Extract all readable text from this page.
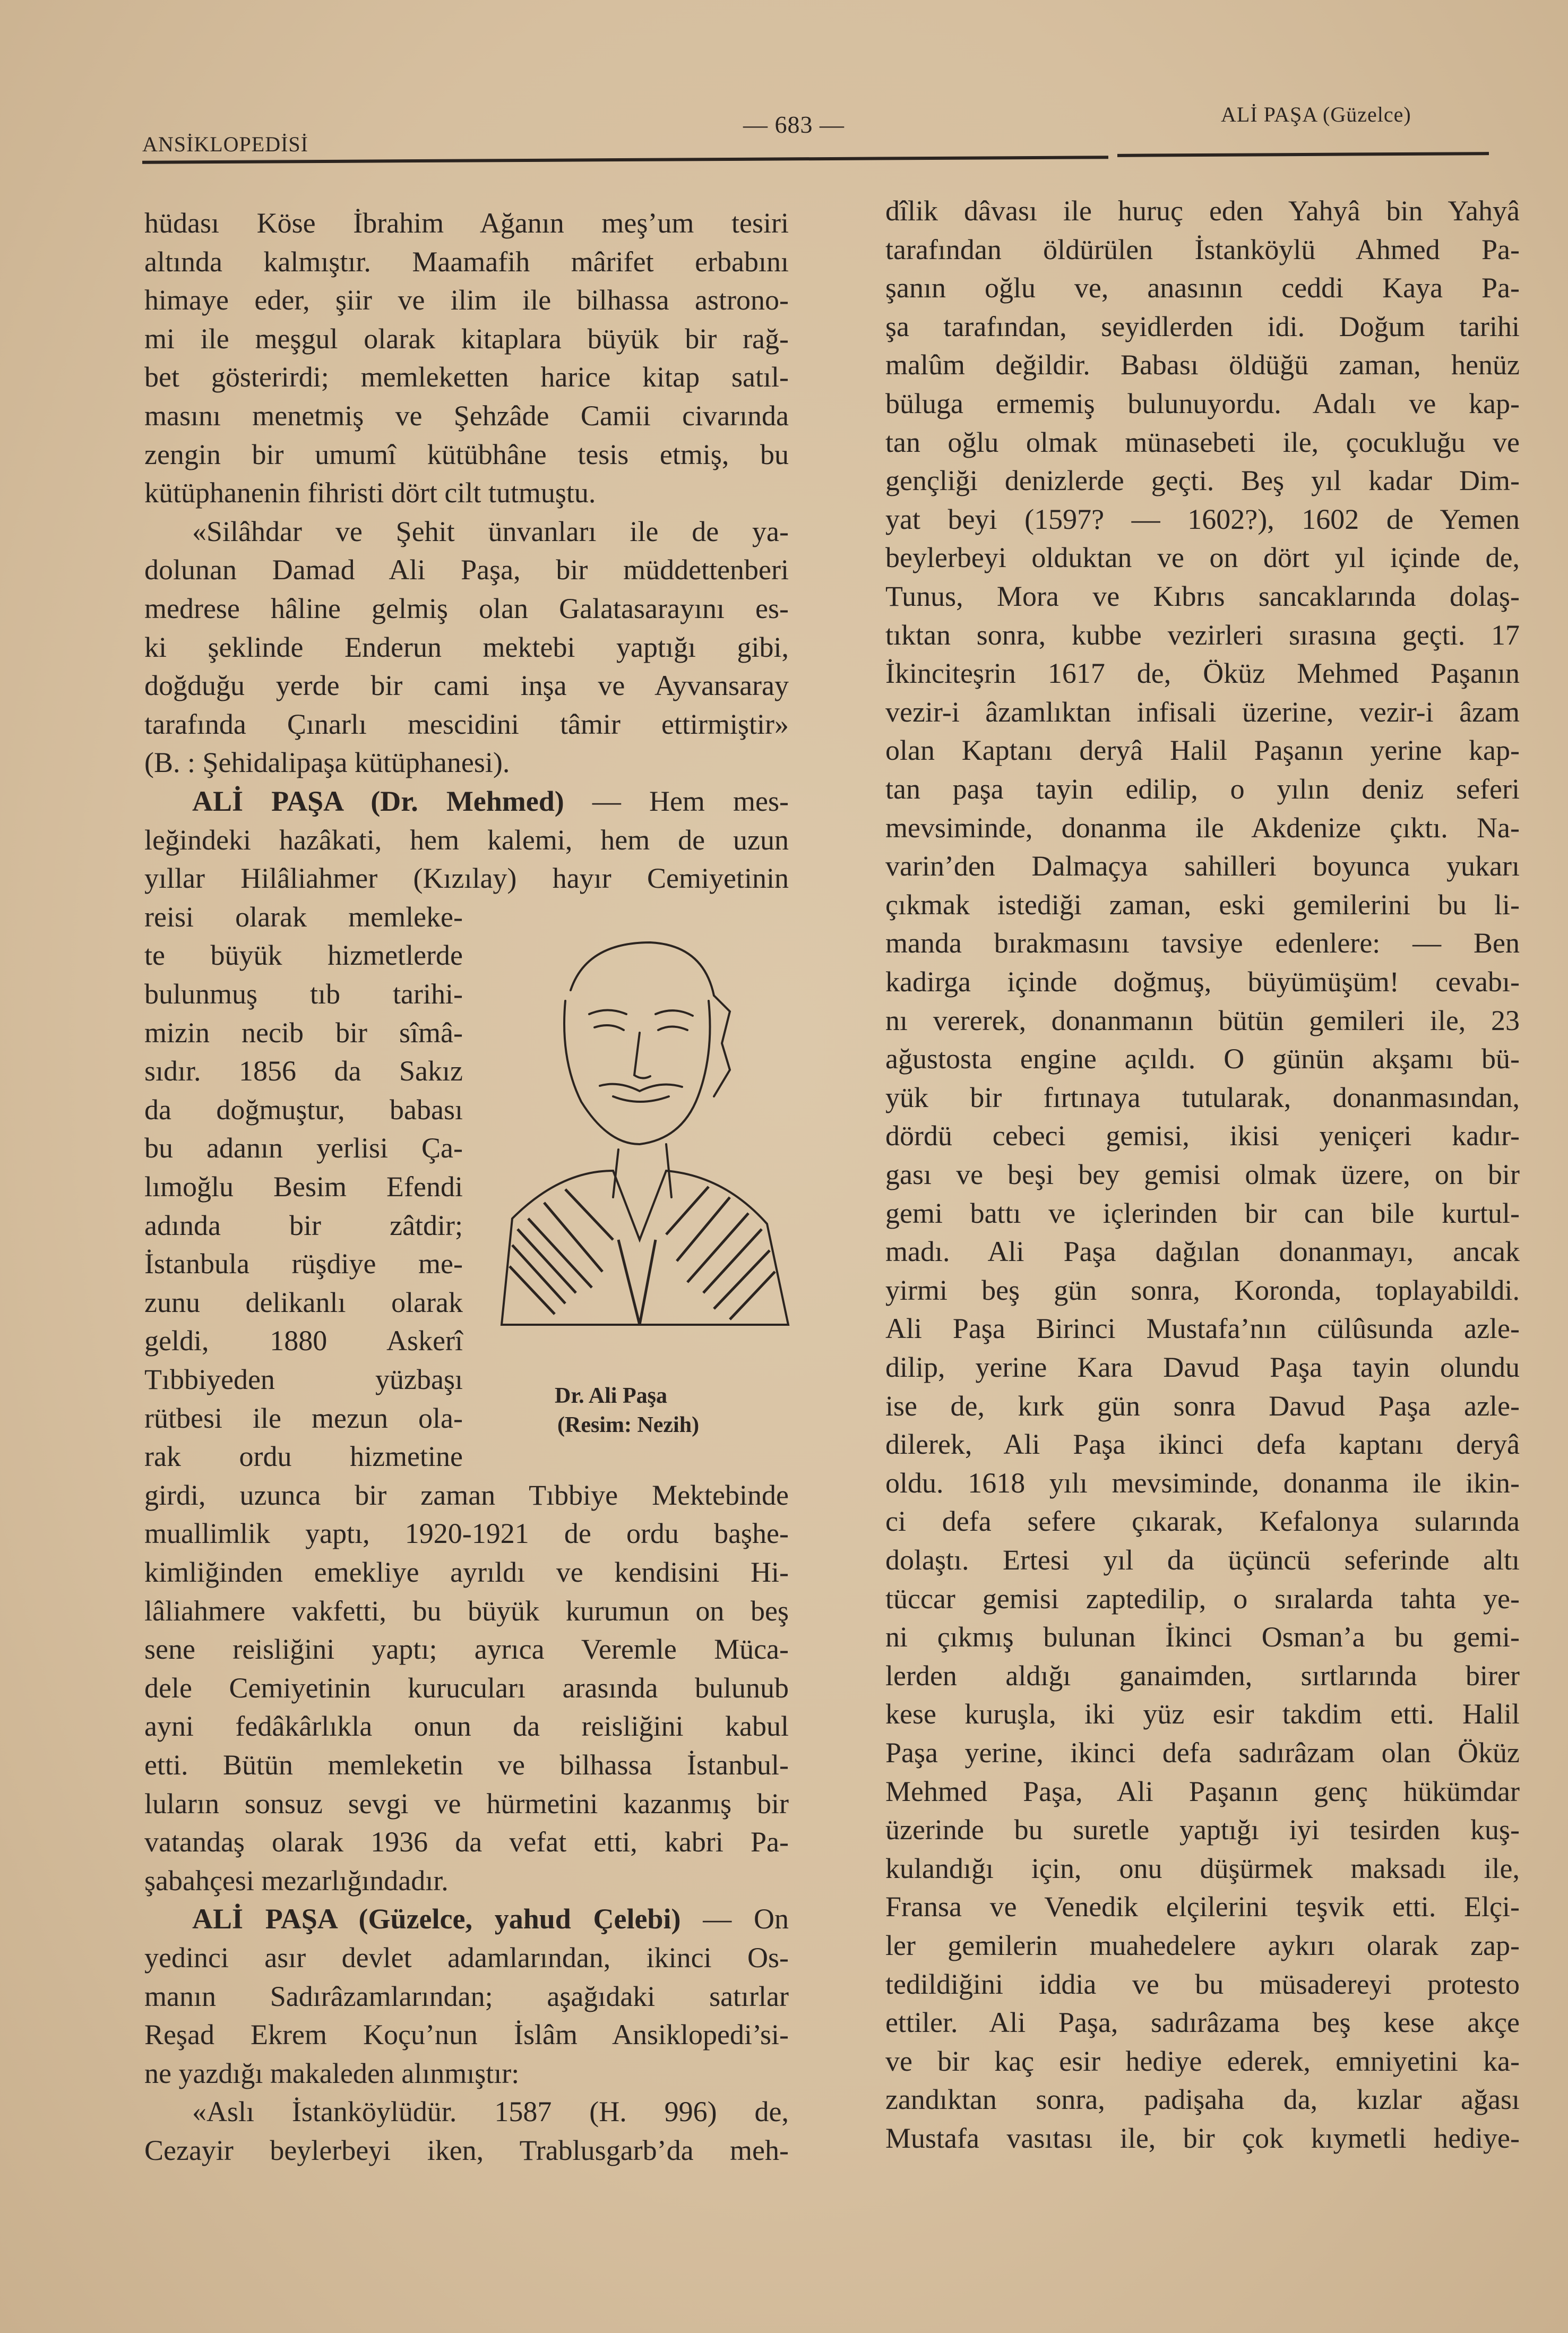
ANSİKLOPEDİSİ
— 683 —	ALİ PAŞA (Güzelce)
hüdası Köse İbrahim Ağanın meş’um tesiri
altında kalmıştır. Maamafih mârifet erbabını
himaye eder, şiir ve ilim ile bilhassa astrono-
mi ile meşgul olarak kitaplara büyük bir rağ-
bet gösterirdi; memleketten harice kitap satıl-
masını menetmiş ve Şehzâde Camii civarında
zengin bir umumî kütübhâne tesis etmiş, bu
kütüphanenin fihristi dört cilt tutmuştu.
«Silâhdar ve Şehit ünvanları ile de ya-
dolunan Damad Ali Paşa, bir müddettenberi
medrese hâline gelmiş olan Galatasarayını es-
ki şeklinde Enderun mektebi yaptığı gibi,
doğduğu yerde bir cami inşa ve Ayvansaray
tarafında Çınarlı mescidini tâmir ettirmiştir»
(B. : Şehidalipaşa kütüphanesi).
ALİ PAŞA (Dr. Mehmed) — Hem mes-
leğindeki hazâkati, hem kalemi, hem de uzun
yıllar Hilâliahmer (Kızılay) hayır Cemiyetinin
reisi olarak memleke-
te büyük hizmetlerde
bulunmuş tıb tarihi-
mizin necib bir sîmâ-
sıdır. 1856 da Sakız
da doğmuştur, babası
bu adanın yerlisi Ça-
lımoğlu Besim Efendi
adında bir zâtdir;
İstanbula rüşdiye me-
zunu delikanlı olarak
geldi, 1880 Askerî
Tıbbiyeden yüzbaşı
rütbesi ile mezun ola-
rak ordu hizmetine
girdi, uzunca bir zaman Tıbbiye Mektebinde
muallimlik yaptı, 1920-1921 de ordu başhe-
kimliğinden emekliye ayrıldı ve kendisini Hi-
lâliahmere vakfetti, bu büyük kurumun on beş
sene reisliğini yaptı; ayrıca Veremle Müca-
dele Cemiyetinin kurucuları arasında bulunub
ayni fedâkârlıkla onun da reisliğini kabul
etti. Bütün memleketin ve bilhassa İstanbul-
luların sonsuz sevgi ve hürmetini kazanmış bir
vatandaş olarak 1936 da vefat etti, kabri Pa-
şabahçesi mezarlığındadır.
ALİ PAŞA (Güzelce, yahud Çelebi) — On
yedinci asır devlet adamlarından, ikinci Os-
manın Sadırâzamlarından; aşağıdaki satırlar
Reşad Ekrem Koçu’nun İslâm Ansiklopedi’si-
ne yazdığı makaleden alınmıştır:
«Aslı İstanköylüdür. 1587 (H. 996) de,
Cezayir beylerbeyi iken, Trablusgarb’da meh-
dîlik dâvası ile huruç eden Yahyâ bin Yahyâ
tarafından öldürülen İstanköylü Ahmed Pa-
şanın oğlu ve, anasının ceddi Kaya Pa-
şa tarafından, seyidlerden idi. Doğum tarihi
malûm değildir. Babası öldüğü zaman, henüz
büluga ermemiş bulunuyordu. Adalı ve kap-
tan oğlu olmak münasebeti ile, çocukluğu ve
gençliği denizlerde geçti. Beş yıl kadar Dim-
yat beyi (1597? — 1602?), 1602 de Yemen
beylerbeyi olduktan ve on dört yıl içinde de,
Tunus, Mora ve Kıbrıs sancaklarında dolaş-
tıktan sonra, kubbe vezirleri sırasına geçti. 17
İkinciteşrin 1617 de, Öküz Mehmed Paşanın
vezir-i âzamlıktan infisali üzerine, vezir-i âzam
olan Kaptanı deryâ Halil Paşanın yerine kap-
tan paşa tayin edilip, o yılın deniz seferi
mevsiminde, donanma ile Akdenize çıktı. Na-
varin’den Dalmaçya sahilleri boyunca yukarı
çıkmak istediği zaman, eski gemilerini bu li-
manda bırakmasını tavsiye edenlere: — Ben
kadirga içinde doğmuş, büyümüşüm! cevabı-
nı vererek, donanmanın bütün gemileri ile, 23
ağustosta engine açıldı. O günün akşamı bü-
yük bir fırtınaya tutularak, donanmasından,
dördü cebeci gemisi, ikisi yeniçeri kadır-
gası ve beşi bey gemisi olmak üzere, on bir
gemi battı ve içlerinden bir can bile kurtul-
madı. Ali Paşa dağılan donanmayı, ancak
yirmi beş gün sonra, Koronda, toplayabildi.
Ali Paşa Birinci Mustafa’nın cülûsunda azle-
dilip, yerine Kara Davud Paşa tayin olundu
ise de, kırk gün sonra Davud Paşa azle-
dilerek, Ali Paşa ikinci defa kaptanı deryâ
oldu. 1618 yılı mevsiminde, donanma ile ikin-
ci defa sefere çıkarak, Kefalonya sularında
dolaştı. Ertesi yıl da üçüncü seferinde altı
tüccar gemisi zaptedilip, o sıralarda tahta ye-
ni çıkmış bulunan İkinci Osman’a bu gemi-
lerden aldığı ganaimden, sırtlarında birer
kese kuruşla, iki yüz esir takdim etti. Halil
Paşa yerine, ikinci defa sadırâzam olan Öküz
Mehmed Paşa, Ali Paşanın genç hükümdar
üzerinde bu suretle yaptığı iyi tesirden kuş-
kulandığı için, onu düşürmek maksadı ile,
Fransa ve Venedik elçilerini teşvik etti. Elçi-
ler gemilerin muahedelere aykırı olarak zap-
tedildiğini iddia ve bu müsadereyi protesto
ettiler. Ali Paşa, sadırâzama beş kese akçe
ve bir kaç esir hediye ederek, emniyetini ka-
zandıktan sonra, padişaha da, kızlar ağası
Mustafa vasıtası ile, bir çok kıymetli hediye-
Dr. Ali Paşa
(Resim: Nezih)
